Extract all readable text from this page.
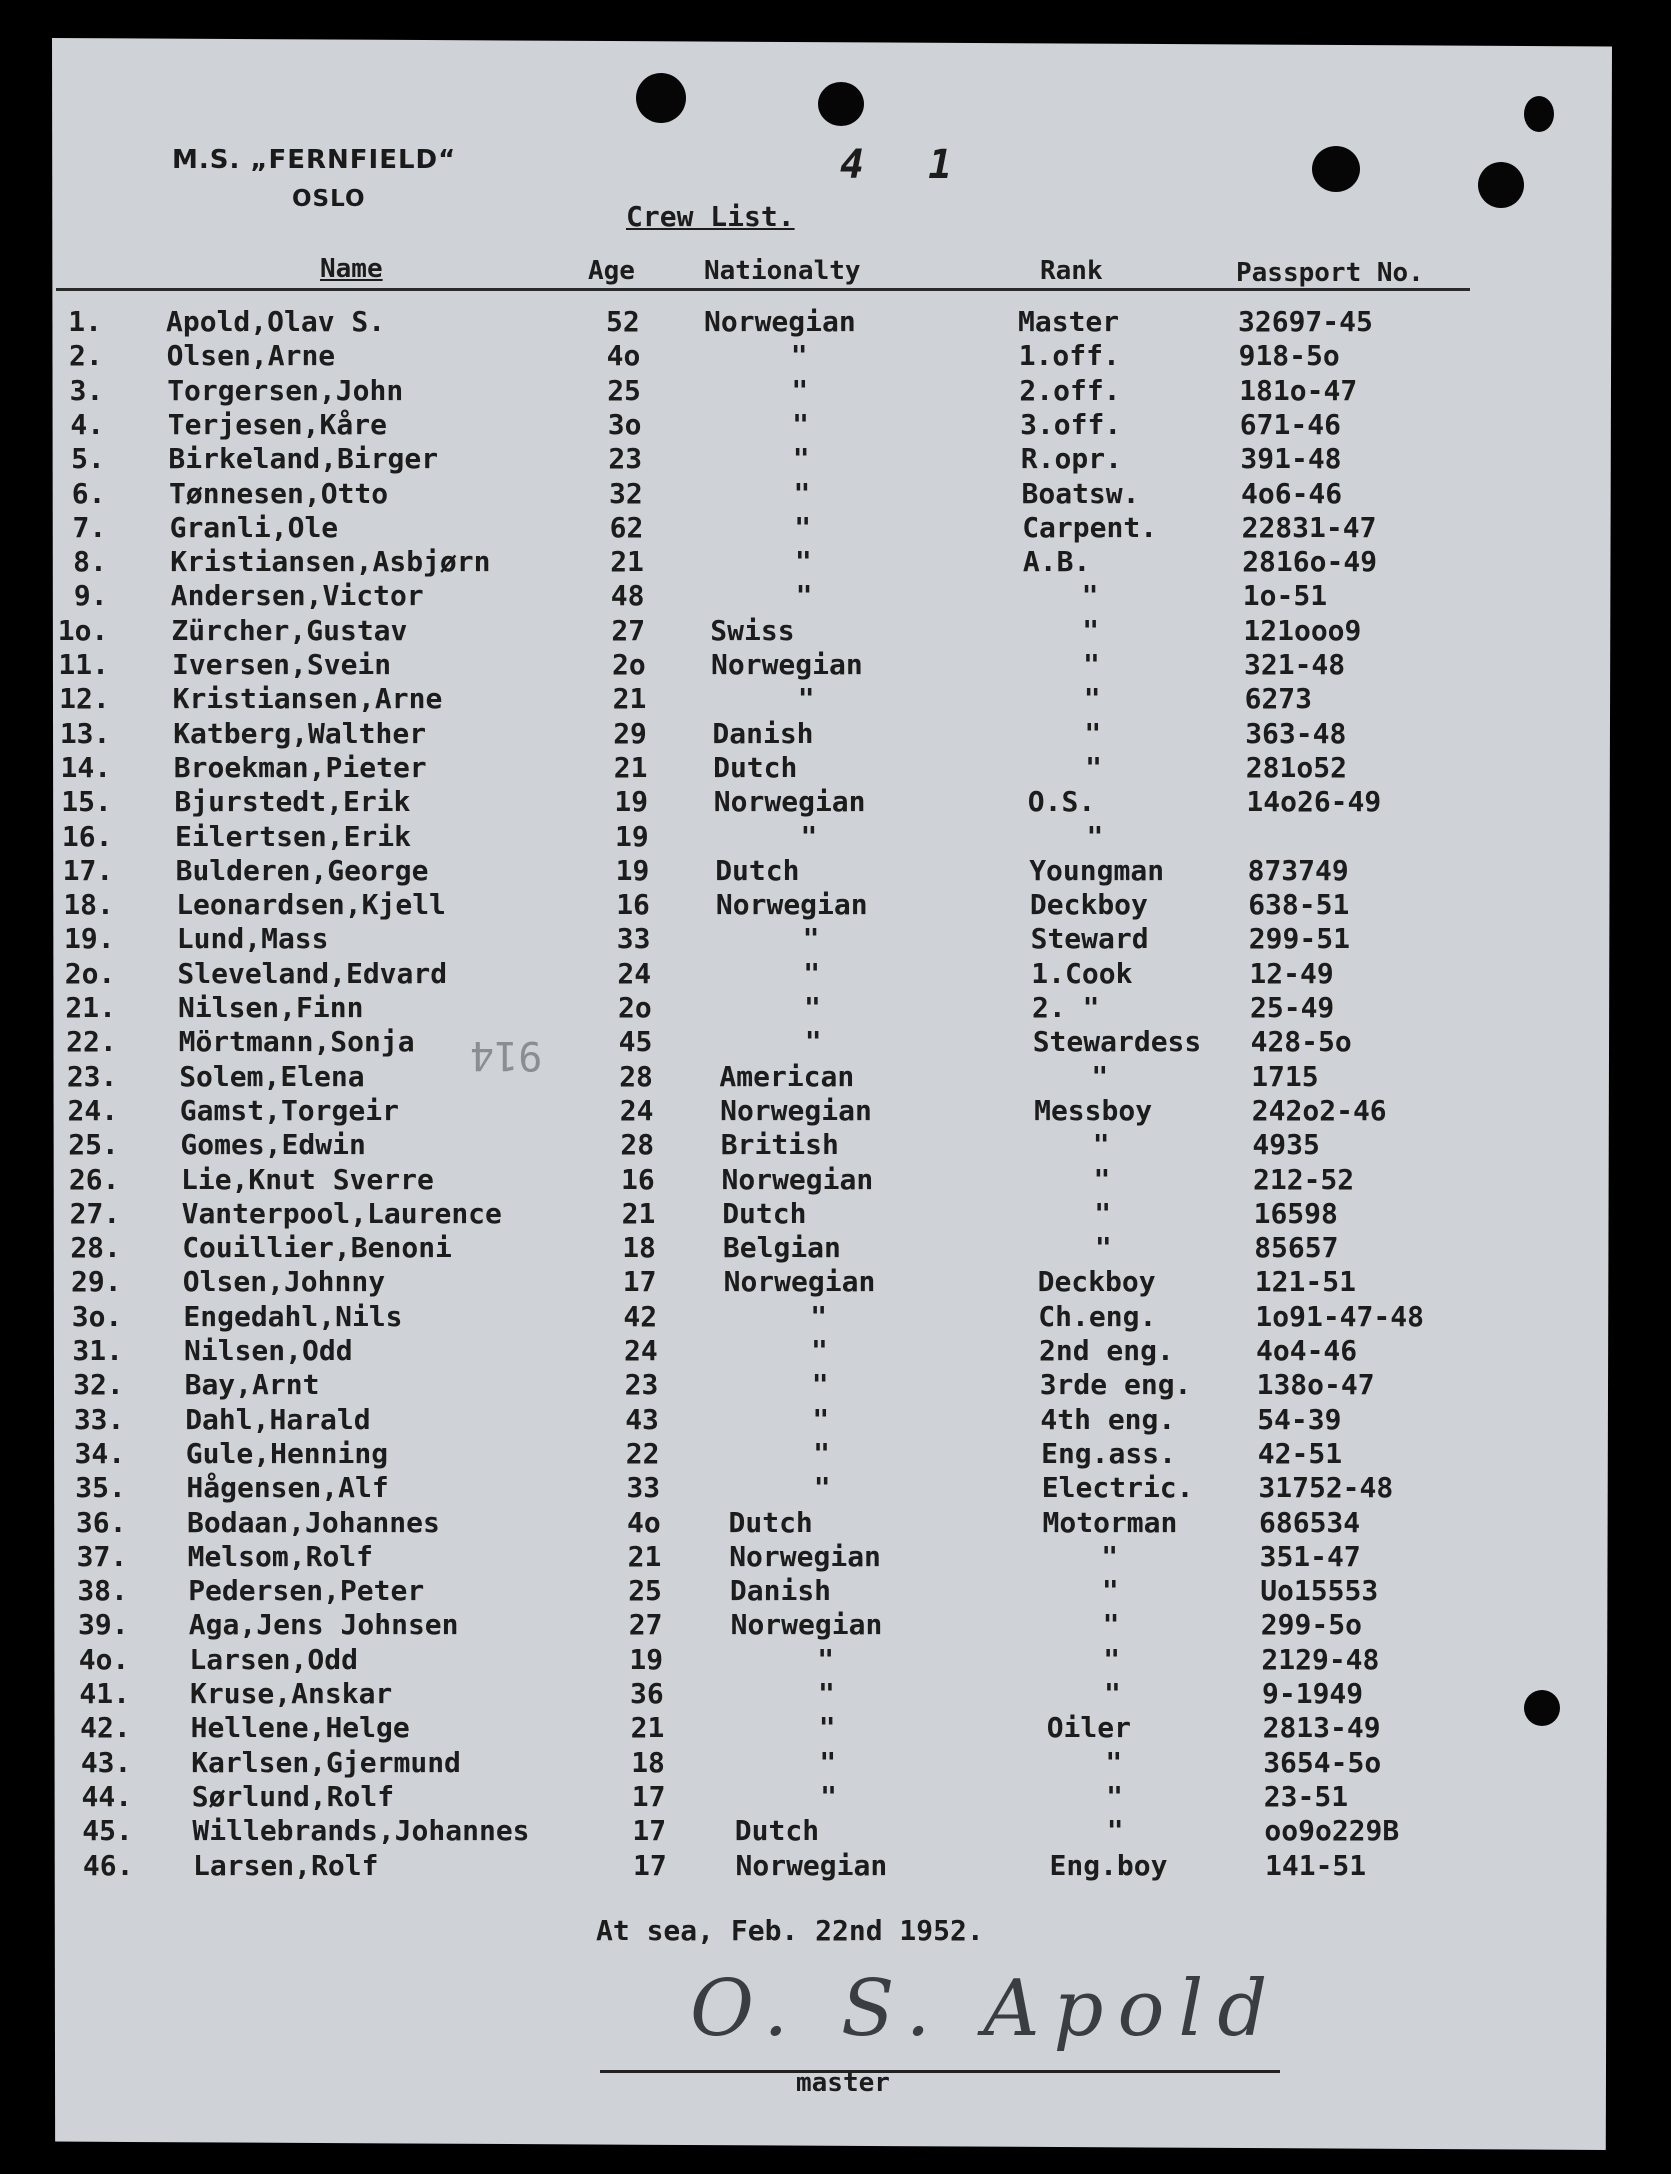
M.S. „FERNFIELD“
OSLO
4 1
Crew List.
Name	Age	Nationalty	Rank	Passport No.
1. Apold,Olav S.	52 Norwegian	Master	32697-45
2. Olsen,Arne	4o	"	1.off.	918-5o
3. Torgersen,John	25	"	2.off.	181o-47
4. Terjesen,Kåre	3o	"	3.off.	671-46
5. Birkeland,Birger	23	"	R.opr.	391-48
6. Tønnesen,Otto	32	"	Boatsw.	4o6-46
7. Granli,Ole	62	"	Carpent.	22831-47
8. Kristiansen,Asbjørn	21	"	A.B.	2816o-49
9. Andersen,Victor	48	"	"	1o-51
1o. Zürcher,Gustav	27 Swiss	"	121ooo9
11. Iversen,Svein	2o Norwegian	"	321-48
12. Kristiansen,Arne	21	"	"	6273
13. Katberg,Walther	29 Danish	"	363-48
14. Broekman,Pieter	21 Dutch	"	281o52
15. Bjurstedt,Erik	19 Norwegian	O.S.	14o26-49
16. Eilertsen,Erik	19	"	"
17. Bulderen,George	19 Dutch	Youngman	873749
18. Leonardsen,Kjell	16 Norwegian	Deckboy	638-51
19. Lund,Mass	33	"	Steward	299-51
2o. Sleveland,Edvard	24	"	1.Cook	12-49
21. Nilsen,Finn	2o	"	2. "	25-49
22. Mörtmann,Sonja	45	"	Stewardess 428-5o
23. Solem,Elena	28 American	"	1715
24. Gamst,Torgeir	24 Norwegian	Messboy	242o2-46
25. Gomes,Edwin	28 British	"	4935
26. Lie,Knut Sverre	16 Norwegian	"	212-52
27. Vanterpool,Laurence	21 Dutch	"	16598
28. Couillier,Benoni	18 Belgian	"	85657
29. Olsen,Johnny	17 Norwegian	Deckboy	121-51
3o. Engedahl,Nils	42	"	Ch.eng.	1o91-47-48
31. Nilsen,Odd	24	"	2nd eng.	4o4-46
32. Bay,Arnt	23	"	3rde eng. 138o-47
33. Dahl,Harald	43	"	4th eng.	54-39
34. Gule,Henning	22	"	Eng.ass.	42-51
35. Hågensen,Alf	33	"	Electric. 31752-48
36. Bodaan,Johannes	4o Dutch	Motorman	686534
37. Melsom,Rolf	21 Norwegian	"	351-47
38. Pedersen,Peter	25 Danish	"	Uo15553
39. Aga,Jens Johnsen	27 Norwegian	"	299-5o
4o. Larsen,Odd	19	"	"	2129-48
41. Kruse,Anskar	36	"	"	9-1949
42. Hellene,Helge	21	"	Oiler	2813-49
43. Karlsen,Gjermund	18	"	"	3654-5o
44. Sørlund,Rolf	17	"	"	23-51
45. Willebrands,Johannes	17 Dutch	"	oo9o229B
46. Larsen,Rolf	17 Norwegian	Eng.boy	141-51
914
At sea, Feb. 22nd 1952.
O. S. Apold
master
